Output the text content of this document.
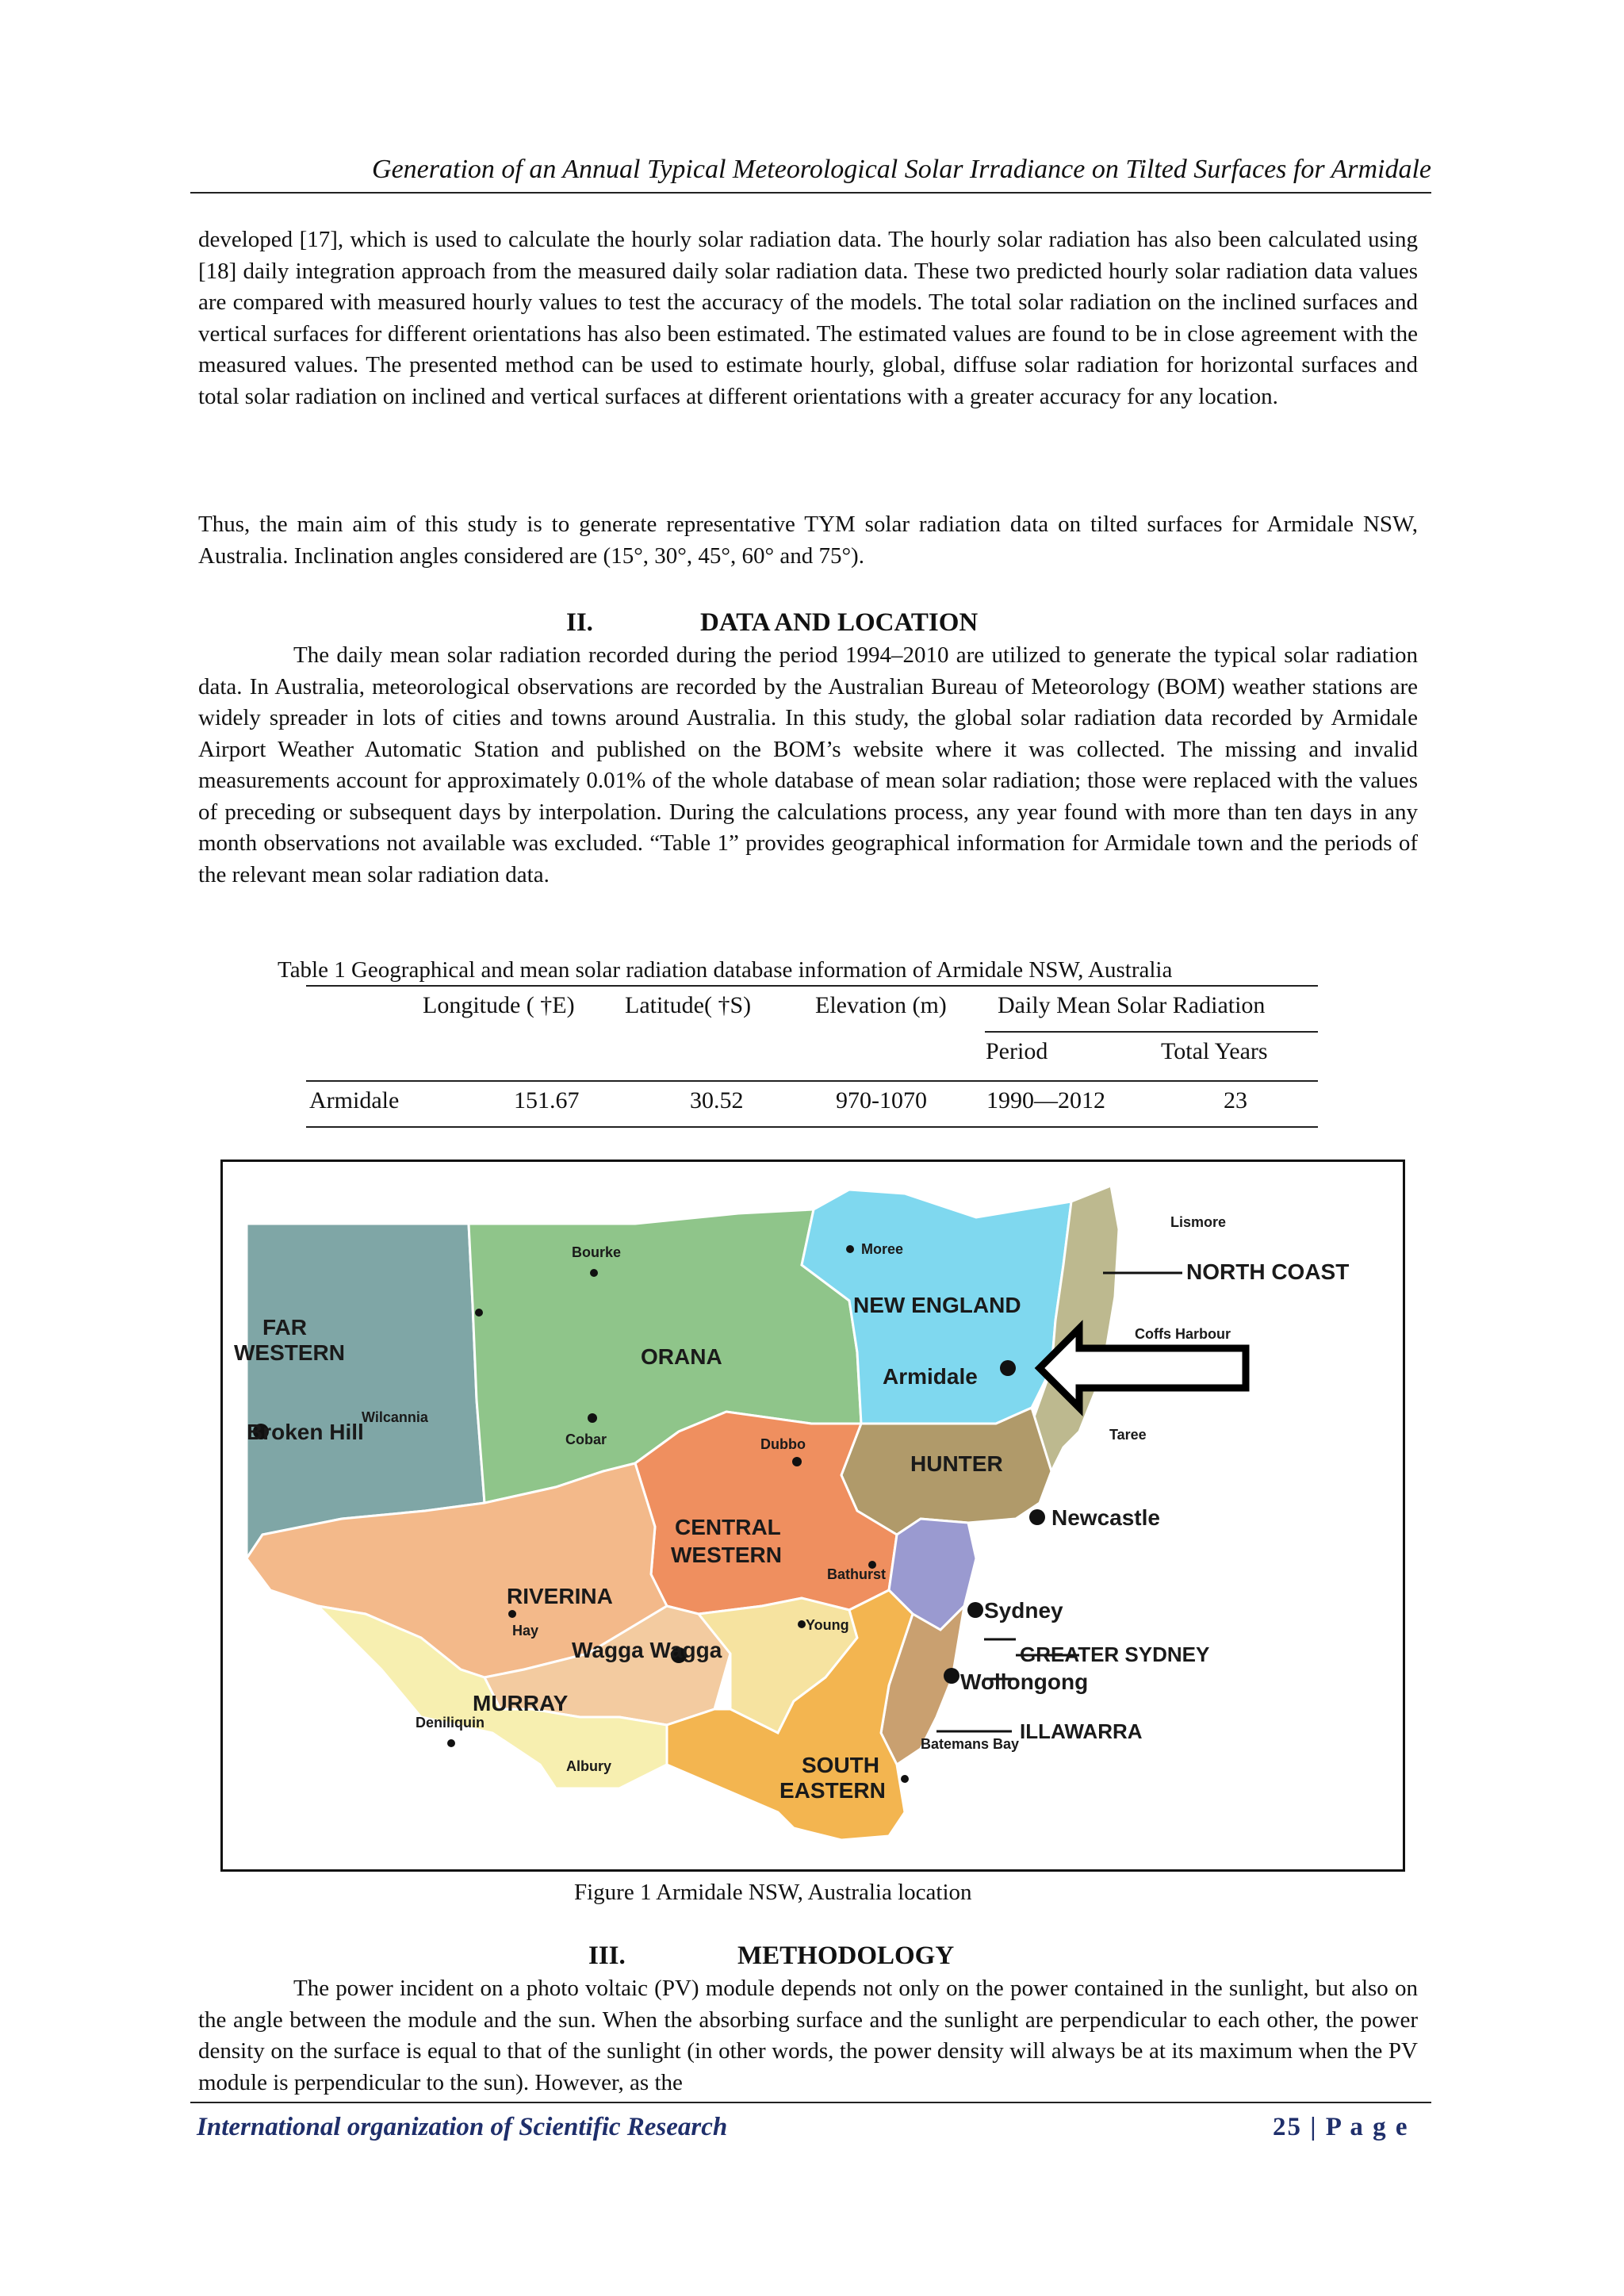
Generation of an Annual Typical Meteorological Solar Irradiance on Tilted Surfaces for Armidale

developed [17], which is used to calculate the hourly solar radiation data. The hourly solar radiation has also been calculated using [18] daily integration approach from the measured daily solar radiation data. These two predicted hourly solar radiation data values are compared with measured hourly values to test the accuracy of the models. The total solar radiation on the inclined surfaces and vertical surfaces for different orientations has also been estimated. The estimated values are found to be in close agreement with the measured values. The presented method can be used to estimate hourly, global, diffuse solar radiation for horizontal surfaces and total solar radiation on inclined and vertical surfaces at different orientations with a greater accuracy for any location.

Thus, the main aim of this study is to generate representative TYM solar radiation data on tilted surfaces for Armidale NSW, Australia. Inclination angles considered are (15°, 30°, 45°, 60° and 75°).

II.	DATA AND LOCATION

The daily mean solar radiation recorded during the period 1994–2010 are utilized to generate the typical solar radiation data. In Australia, meteorological observations are recorded by the Australian Bureau of Meteorology (BOM) weather stations are widely spreader in lots of cities and towns around Australia. In this study, the global solar radiation data recorded by Armidale Airport Weather Automatic Station and published on the BOM’s website where it was collected. The missing and invalid measurements account for approximately 0.01% of the whole database of mean solar radiation; those were replaced with the values of preceding or subsequent days by interpolation. During the calculations process, any year found with more than ten days in any month observations not available was excluded. “Table 1” provides geographical information for Armidale town and the periods of the relevant mean solar radiation data.

Table 1 Geographical and mean solar radiation database information of Armidale NSW, Australia
Longitude ( †E) Latitude( †S)	Elevation (m) Daily Mean Solar Radiation
Period	Total Years
Armidale	151.67	30.52	970-1070	1990—2012	23
FAR
WESTERN	ORANA
NEW ENGLAND
NORTH COAST
HUNTER
CENTRAL
WESTERN
RIVERINA
MURRAY
SOUTH
EASTERN
GREATER SYDNEY
ILLAWARRA
Moree
Bourke
Lismore
Coffs Harbour
Wilcannia
Cobar	Dubbo
Taree
Bathurst
Hay	Young
Deniliquin
Albury
Batemans Bay
Armidale
Broken Hill
Newcastle
Sydney
Wagga Wagga
Wollongong
Figure 1 Armidale NSW, Australia location
III.	METHODOLOGY

The power incident on a photo voltaic (PV) module depends not only on the power contained in the sunlight, but also on the angle between the module and the sun. When the absorbing surface and the sunlight are perpendicular to each other, the power density on the surface is equal to that of the sunlight (in other words, the power density will always be at its maximum when the PV module is perpendicular to the sun). However, as the

International organization of Scientific Research	25 | P a g e
